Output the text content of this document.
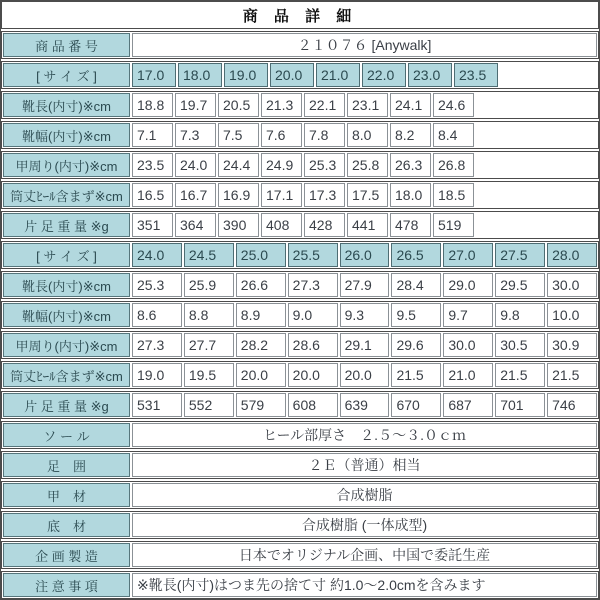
商 品 詳 細
商 品 番 号	２１０７６ [Anywalk]
[ サ イ ズ ]	17.0	18.0	19.0	20.0	21.0	22.0	23.0	23.5
靴長(内寸)※cm	18.8	19.7	20.5	21.3	22.1	23.1	24.1	24.6
靴幅(内寸)※cm	7.1	7.3	7.5	7.6	7.8	8.0	8.2	8.4
甲周り(内寸)※cm	23.5	24.0	24.4	24.9	25.3	25.8	26.3	26.8
筒丈ﾋｰﾙ含まず※cm	16.5	16.7	16.9	17.1	17.3	17.5	18.0	18.5
片 足 重 量 ※g	351	364	390	408	428	441	478	519
[ サ イ ズ ]	24.0	24.5	25.0	25.5	26.0	26.5	27.0	27.5	28.0
靴長(内寸)※cm	25.3	25.9	26.6	27.3	27.9	28.4	29.0	29.5	30.0
靴幅(内寸)※cm	8.6	8.8	8.9	9.0	9.3	9.5	9.7	9.8	10.0
甲周り(内寸)※cm	27.3	27.7	28.2	28.6	29.1	29.6	30.0	30.5	30.9
筒丈ﾋｰﾙ含まず※cm	19.0	19.5	20.0	20.0	20.0	21.5	21.0	21.5	21.5
片 足 重 量 ※g	531	552	579	608	639	670	687	701	746
ソ ー ル	ヒール部厚さ　２.５～３.０ｃｍ
足　囲	２Ｅ（普通）相当
甲　材	合成樹脂
底　材	合成樹脂 (一体成型)
企 画 製 造	日本でオリジナル企画、中国で委託生産
注 意 事 項	※靴長(内寸)はつま先の捨て寸 約1.0～2.0cmを含みます
